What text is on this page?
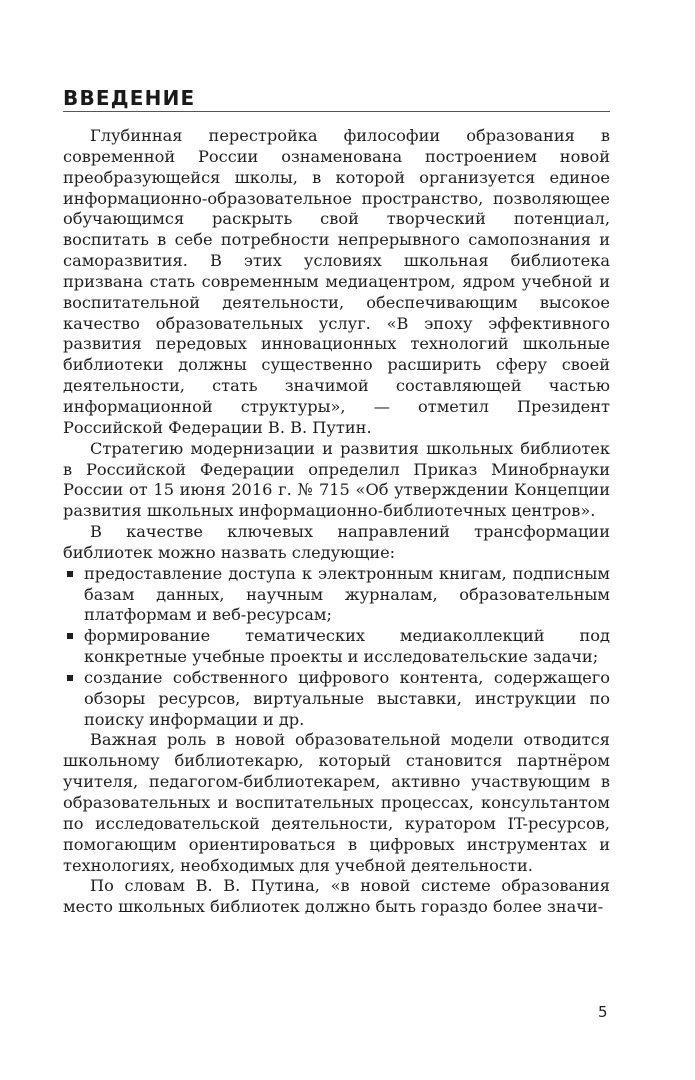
ВВЕДЕНИЕ

Глубинная перестройка философии образования в современной России ознаменована построением новой преобразующейся школы, в которой организуется единое информационно-образовательное пространство, позволяющее обучающимся раскрыть свой творческий потенциал, воспитать в себе потребности непрерывного самопознания и саморазвития. В этих условиях школьная библиотека призвана стать современным медиацентром, ядром учебной и воспитательной деятельности, обеспечивающим высокое качество образовательных услуг. «В эпоху эффективного развития передовых инновационных технологий школьные библиотеки должны существенно расширить сферу своей деятельности, стать значимой составляющей частью информационной структуры», — отметил Президент Российской Федерации В. В. Путин.

Стратегию модернизации и развития школьных библиотек в Российской Федерации определил Приказ Минобрнауки России от 15 июня 2016 г. № 715 «Об утверждении Концепции развития школьных информационно-библиотечных центров».

В качестве ключевых направлений трансформации библиотек можно назвать следующие:

предоставление доступа к электронным книгам, подписным базам данных, научным журналам, образовательным платформам и веб-ресурсам;
формирование тематических медиаколлекций под конкретные учебные проекты и исследовательские задачи;
создание собственного цифрового контента, содержащего обзоры ресурсов, виртуальные выставки, инструкции по поиску информации и др.

Важная роль в новой образовательной модели отводится школьному библиотекарю, который становится партнёром учителя, педагогом-библиотекарем, активно участвующим в образовательных и воспитательных процессах, консультантом по исследовательской деятельности, куратором IT-ресурсов, помогающим ориентироваться в цифровых инструментах и технологиях, необходимых для учебной деятельности.

По словам В. В. Путина, «в новой системе образования место школьных библиотек должно быть гораздо более значи-

5
